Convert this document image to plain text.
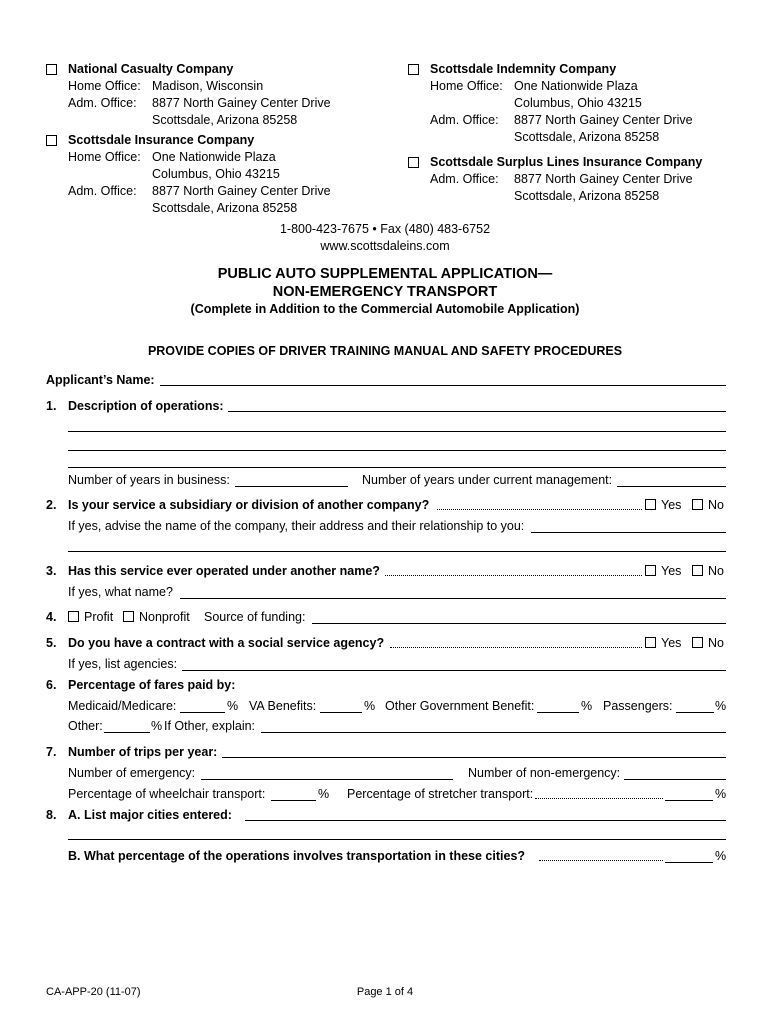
National Casualty Company
Home Office: Madison, Wisconsin
Adm. Office: 8877 North Gainey Center Drive
Scottsdale, Arizona 85258
Scottsdale Insurance Company
Home Office: One Nationwide Plaza
Columbus, Ohio 43215
Adm. Office: 8877 North Gainey Center Drive
Scottsdale, Arizona 85258
Scottsdale Indemnity Company
Home Office: One Nationwide Plaza
Columbus, Ohio 43215
Adm. Office: 8877 North Gainey Center Drive
Scottsdale, Arizona 85258
Scottsdale Surplus Lines Insurance Company
Adm. Office: 8877 North Gainey Center Drive
Scottsdale, Arizona 85258
1-800-423-7675 • Fax (480) 483-6752
www.scottsdaleins.com
PUBLIC AUTO SUPPLEMENTAL APPLICATION—
NON-EMERGENCY TRANSPORT
(Complete in Addition to the Commercial Automobile Application)
PROVIDE COPIES OF DRIVER TRAINING MANUAL AND SAFETY PROCEDURES
Applicant’s Name:
1. Description of operations:
Number of years in business:	Number of years under current management:
2. Is your service a subsidiary or division of another company?	Yes	No
If yes, advise the name of the company, their address and their relationship to you:
3. Has this service ever operated under another name?	Yes	No
If yes, what name?
4.	Profit	Nonprofit Source of funding:
5. Do you have a contract with a social service agency?	Yes	No
If yes, list agencies:
6. Percentage of fares paid by:
Medicaid/Medicare:	% VA Benefits:	% Other Government Benefit:	% Passengers:	%
Other:	% If Other, explain:
7. Number of trips per year:
Number of emergency:	Number of non-emergency:
Percentage of wheelchair transport:	% Percentage of stretcher transport:	%
8. A. List major cities entered:
B. What percentage of the operations involves transportation in these cities?	%
CA-APP-20 (11-07)	Page 1 of 4
